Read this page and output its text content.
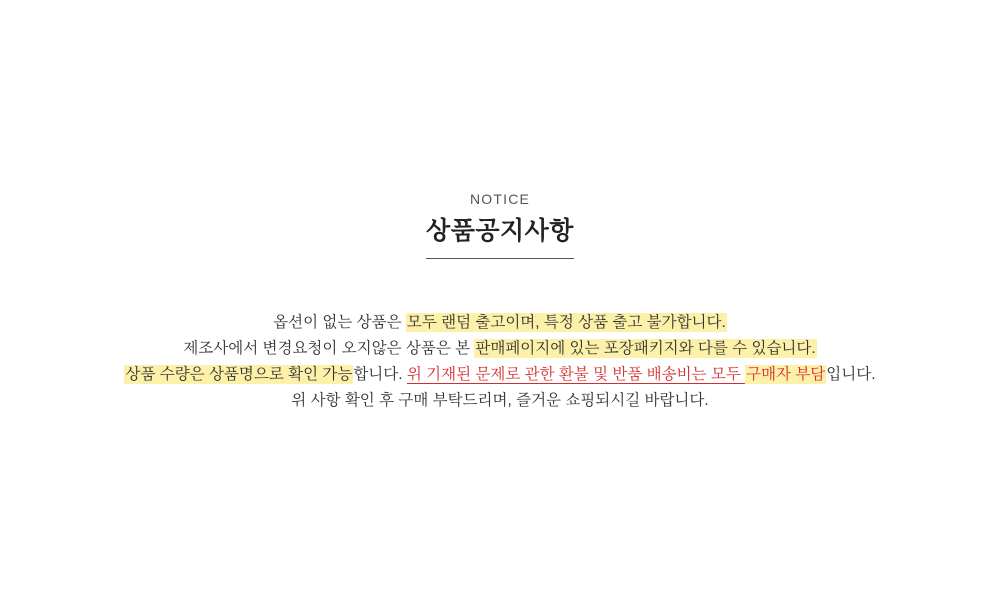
NOTICE
상품공지사항
옵션이 없는 상품은 모두 랜덤 출고이며, 특정 상품 출고 불가합니다.
제조사에서 변경요청이 오지않은 상품은 본 판매페이지에 있는 포장패키지와 다를 수 있습니다.
상품 수량은 상품명으로 확인 가능합니다. 위 기재된 문제로 관한 환불 및 반품 배송비는 모두 구매자 부담입니다.
위 사항 확인 후 구매 부탁드리며, 즐거운 쇼핑되시길 바랍니다.
